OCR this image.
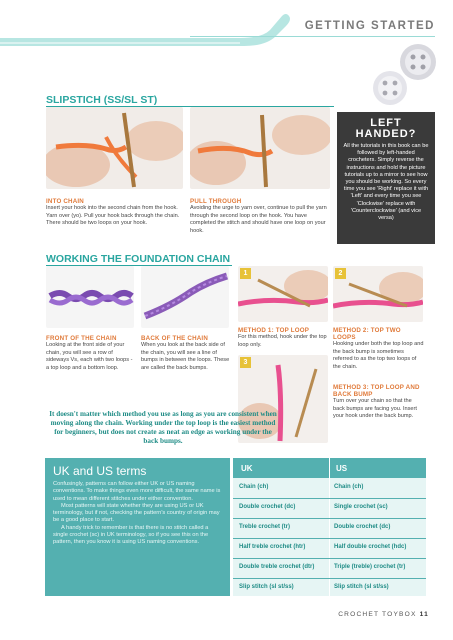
GETTING STARTED
SLIPSTICH (SS/SL ST)
INTO CHAIN
Insert your hook into the second chain from the hook. Yarn over (yo). Pull your hook back through the chain. There should be two loops on your hook.
PULL THROUGH
Avoiding the urge to yarn over, continue to pull the yarn through the second loop on the hook. You have completed the stitch and should have one loop on your hook.
LEFT
HANDED?

All the tutorials in this book can be followed by left-handed crocheters. Simply reverse the instructions and hold the picture tutorials up to a mirror to see how you should be working. So every time you see 'Right' replace it with 'Left' and every time you see 'Clockwise' replace with 'Counterclockwise' (and vice versa)

WORKING THE FOUNDATION CHAIN
FRONT OF THE CHAIN
Looking at the front side of your chain, you will see a row of sideways Vs, each with two loops - a top loop and a bottom loop.
BACK OF THE CHAIN
When you look at the back side of the chain, you will see a line of bumps in between the loops. These are called the back bumps.
1	2
METHOD 1: TOP LOOP
For this method, hook under the top loop only.
METHOD 2: TOP TWO LOOPS
Hooking under both the top loop and the back bump is sometimes referred to as the top two loops of the chain.
3
METHOD 3: TOP LOOP AND BACK BUMP
Turn over your chain so that the back bumps are facing you. Insert your hook under the back bump.
It doesn't matter which method you use as long as you are consistent when moving along the chain. Working under the top loop is the easiest method for beginners, but does not create as neat an edge as working under the back bumps.
UK and US terms

Confusingly, patterns can follow either UK or US naming conventions. To make things even more difficult, the same name is used to mean different stitches under either convention.

Most patterns will state whether they are using US or UK terminology, but if not, checking the pattern's country of origin may be a good place to start.

A handy trick to remember is that there is no stitch called a single crochet (sc) in UK terminology, so if you see this on the pattern, then you know it is using US naming conventions.

UK	US
Chain (ch)	Chain (ch)
Double crochet (dc)	Single crochet (sc)
Treble crochet (tr)	Double crochet (dc)
Half treble crochet (htr)	Half double crochet (hdc)
Double treble crochet (dtr)	Triple (treble) crochet (tr)
Slip stitch (sl st/ss)	Slip stitch (sl st/ss)
CROCHET TOYBOX 11
